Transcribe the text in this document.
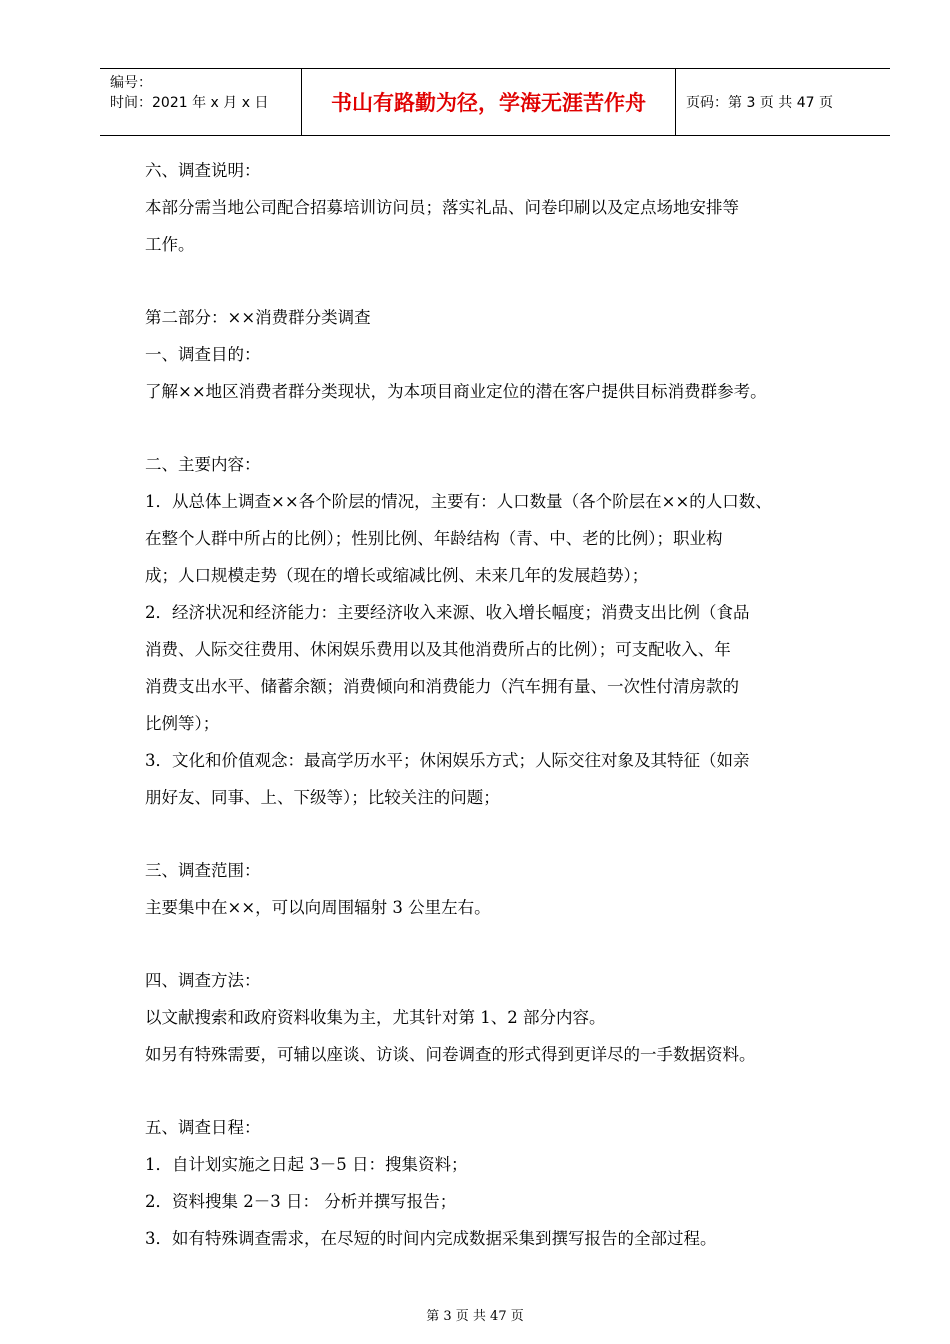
编号：
时间：2021 年 x 月 x 日	书山有路勤为径，学海无涯苦作舟	页码：第 3 页 共 47 页
六、调查说明：
本部分需当地公司配合招募培训访问员；落实礼品、问卷印刷以及定点场地安排等
工作。
第二部分：××消费群分类调查
一、调查目的：
了解××地区消费者群分类现状，为本项目商业定位的潜在客户提供目标消费群参考。
二、主要内容：
1．从总体上调查××各个阶层的情况，主要有：人口数量（各个阶层在××的人口数、
在整个人群中所占的比例）；性别比例、年龄结构（青、中、老的比例）；职业构
成；人口规模走势（现在的增长或缩减比例、未来几年的发展趋势）；
2．经济状况和经济能力：主要经济收入来源、收入增长幅度；消费支出比例（食品
消费、人际交往费用、休闲娱乐费用以及其他消费所占的比例）；可支配收入、年
消费支出水平、储蓄余额；消费倾向和消费能力（汽车拥有量、一次性付清房款的
比例等）；
3．文化和价值观念：最高学历水平；休闲娱乐方式；人际交往对象及其特征（如亲
朋好友、同事、上、下级等）；比较关注的问题；
三、调查范围：
主要集中在××，可以向周围辐射 3 公里左右。
四、调查方法：
以文献搜索和政府资料收集为主，尤其针对第 1、2 部分内容。
如另有特殊需要，可辅以座谈、访谈、问卷调查的形式得到更详尽的一手数据资料。
五、调查日程：
1．自计划实施之日起 3－5 日：搜集资料；
2．资料搜集 2－3 日： 分析并撰写报告；
3．如有特殊调查需求，在尽短的时间内完成数据采集到撰写报告的全部过程。
第 3 页 共 47 页
